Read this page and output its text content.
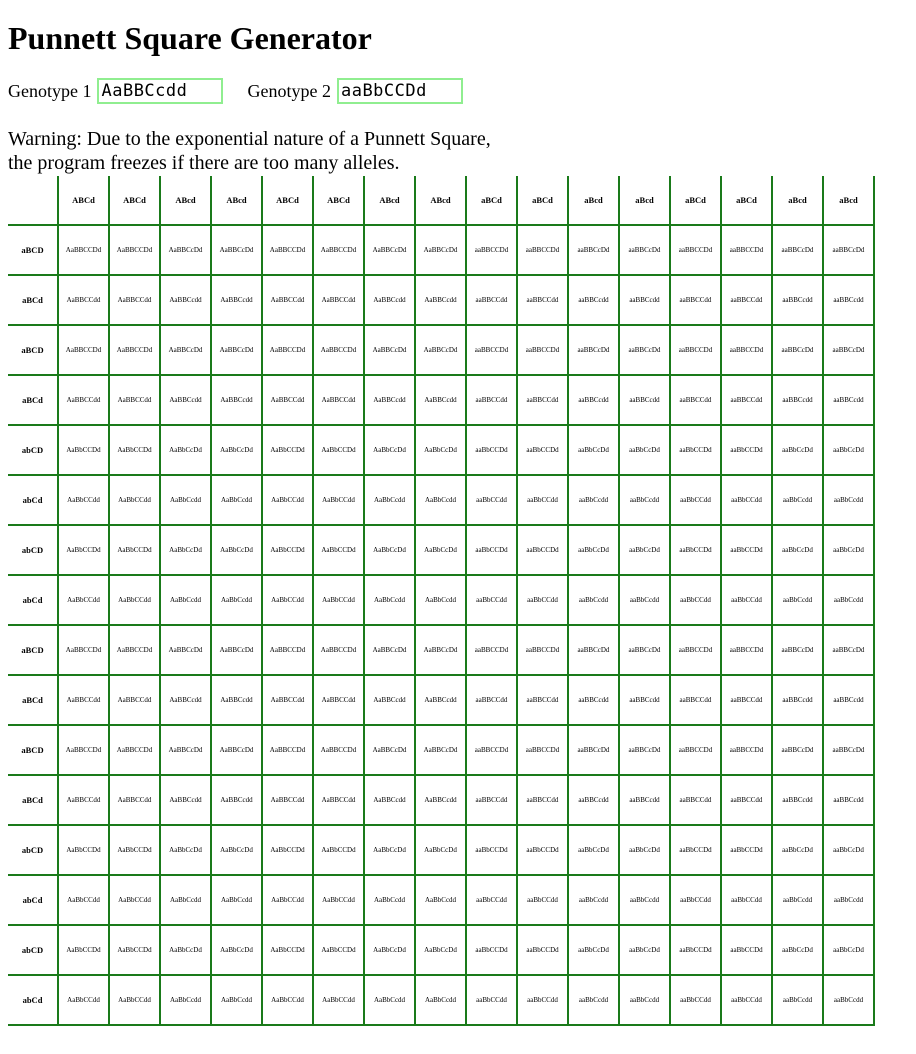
Punnett Square Generator
Genotype 1
AaBBCcdd	Genotype 2
aaBbCCDd

Warning: Due to the exponential nature of a Punnett Square, the program freezes if there are too many alleles.

	ABCd	ABCd	ABcd	ABcd	ABCd	ABCd	ABcd	ABcd	aBCd	aBCd	aBcd	aBcd	aBCd	aBCd	aBcd	aBcd
aBCD	AaBBCCDd	AaBBCCDd	AaBBCcDd	AaBBCcDd	AaBBCCDd	AaBBCCDd	AaBBCcDd	AaBBCcDd	aaBBCCDd	aaBBCCDd	aaBBCcDd	aaBBCcDd	aaBBCCDd	aaBBCCDd	aaBBCcDd	aaBBCcDd
aBCd	AaBBCCdd	AaBBCCdd	AaBBCcdd	AaBBCcdd	AaBBCCdd	AaBBCCdd	AaBBCcdd	AaBBCcdd	aaBBCCdd	aaBBCCdd	aaBBCcdd	aaBBCcdd	aaBBCCdd	aaBBCCdd	aaBBCcdd	aaBBCcdd
aBCD	AaBBCCDd	AaBBCCDd	AaBBCcDd	AaBBCcDd	AaBBCCDd	AaBBCCDd	AaBBCcDd	AaBBCcDd	aaBBCCDd	aaBBCCDd	aaBBCcDd	aaBBCcDd	aaBBCCDd	aaBBCCDd	aaBBCcDd	aaBBCcDd
aBCd	AaBBCCdd	AaBBCCdd	AaBBCcdd	AaBBCcdd	AaBBCCdd	AaBBCCdd	AaBBCcdd	AaBBCcdd	aaBBCCdd	aaBBCCdd	aaBBCcdd	aaBBCcdd	aaBBCCdd	aaBBCCdd	aaBBCcdd	aaBBCcdd
abCD	AaBbCCDd	AaBbCCDd	AaBbCcDd	AaBbCcDd	AaBbCCDd	AaBbCCDd	AaBbCcDd	AaBbCcDd	aaBbCCDd	aaBbCCDd	aaBbCcDd	aaBbCcDd	aaBbCCDd	aaBbCCDd	aaBbCcDd	aaBbCcDd
abCd	AaBbCCdd	AaBbCCdd	AaBbCcdd	AaBbCcdd	AaBbCCdd	AaBbCCdd	AaBbCcdd	AaBbCcdd	aaBbCCdd	aaBbCCdd	aaBbCcdd	aaBbCcdd	aaBbCCdd	aaBbCCdd	aaBbCcdd	aaBbCcdd
abCD	AaBbCCDd	AaBbCCDd	AaBbCcDd	AaBbCcDd	AaBbCCDd	AaBbCCDd	AaBbCcDd	AaBbCcDd	aaBbCCDd	aaBbCCDd	aaBbCcDd	aaBbCcDd	aaBbCCDd	aaBbCCDd	aaBbCcDd	aaBbCcDd
abCd	AaBbCCdd	AaBbCCdd	AaBbCcdd	AaBbCcdd	AaBbCCdd	AaBbCCdd	AaBbCcdd	AaBbCcdd	aaBbCCdd	aaBbCCdd	aaBbCcdd	aaBbCcdd	aaBbCCdd	aaBbCCdd	aaBbCcdd	aaBbCcdd
aBCD	AaBBCCDd	AaBBCCDd	AaBBCcDd	AaBBCcDd	AaBBCCDd	AaBBCCDd	AaBBCcDd	AaBBCcDd	aaBBCCDd	aaBBCCDd	aaBBCcDd	aaBBCcDd	aaBBCCDd	aaBBCCDd	aaBBCcDd	aaBBCcDd
aBCd	AaBBCCdd	AaBBCCdd	AaBBCcdd	AaBBCcdd	AaBBCCdd	AaBBCCdd	AaBBCcdd	AaBBCcdd	aaBBCCdd	aaBBCCdd	aaBBCcdd	aaBBCcdd	aaBBCCdd	aaBBCCdd	aaBBCcdd	aaBBCcdd
aBCD	AaBBCCDd	AaBBCCDd	AaBBCcDd	AaBBCcDd	AaBBCCDd	AaBBCCDd	AaBBCcDd	AaBBCcDd	aaBBCCDd	aaBBCCDd	aaBBCcDd	aaBBCcDd	aaBBCCDd	aaBBCCDd	aaBBCcDd	aaBBCcDd
aBCd	AaBBCCdd	AaBBCCdd	AaBBCcdd	AaBBCcdd	AaBBCCdd	AaBBCCdd	AaBBCcdd	AaBBCcdd	aaBBCCdd	aaBBCCdd	aaBBCcdd	aaBBCcdd	aaBBCCdd	aaBBCCdd	aaBBCcdd	aaBBCcdd
abCD	AaBbCCDd	AaBbCCDd	AaBbCcDd	AaBbCcDd	AaBbCCDd	AaBbCCDd	AaBbCcDd	AaBbCcDd	aaBbCCDd	aaBbCCDd	aaBbCcDd	aaBbCcDd	aaBbCCDd	aaBbCCDd	aaBbCcDd	aaBbCcDd
abCd	AaBbCCdd	AaBbCCdd	AaBbCcdd	AaBbCcdd	AaBbCCdd	AaBbCCdd	AaBbCcdd	AaBbCcdd	aaBbCCdd	aaBbCCdd	aaBbCcdd	aaBbCcdd	aaBbCCdd	aaBbCCdd	aaBbCcdd	aaBbCcdd
abCD	AaBbCCDd	AaBbCCDd	AaBbCcDd	AaBbCcDd	AaBbCCDd	AaBbCCDd	AaBbCcDd	AaBbCcDd	aaBbCCDd	aaBbCCDd	aaBbCcDd	aaBbCcDd	aaBbCCDd	aaBbCCDd	aaBbCcDd	aaBbCcDd
abCd	AaBbCCdd	AaBbCCdd	AaBbCcdd	AaBbCcdd	AaBbCCdd	AaBbCCdd	AaBbCcdd	AaBbCcdd	aaBbCCdd	aaBbCCdd	aaBbCcdd	aaBbCcdd	aaBbCCdd	aaBbCCdd	aaBbCcdd	aaBbCcdd
